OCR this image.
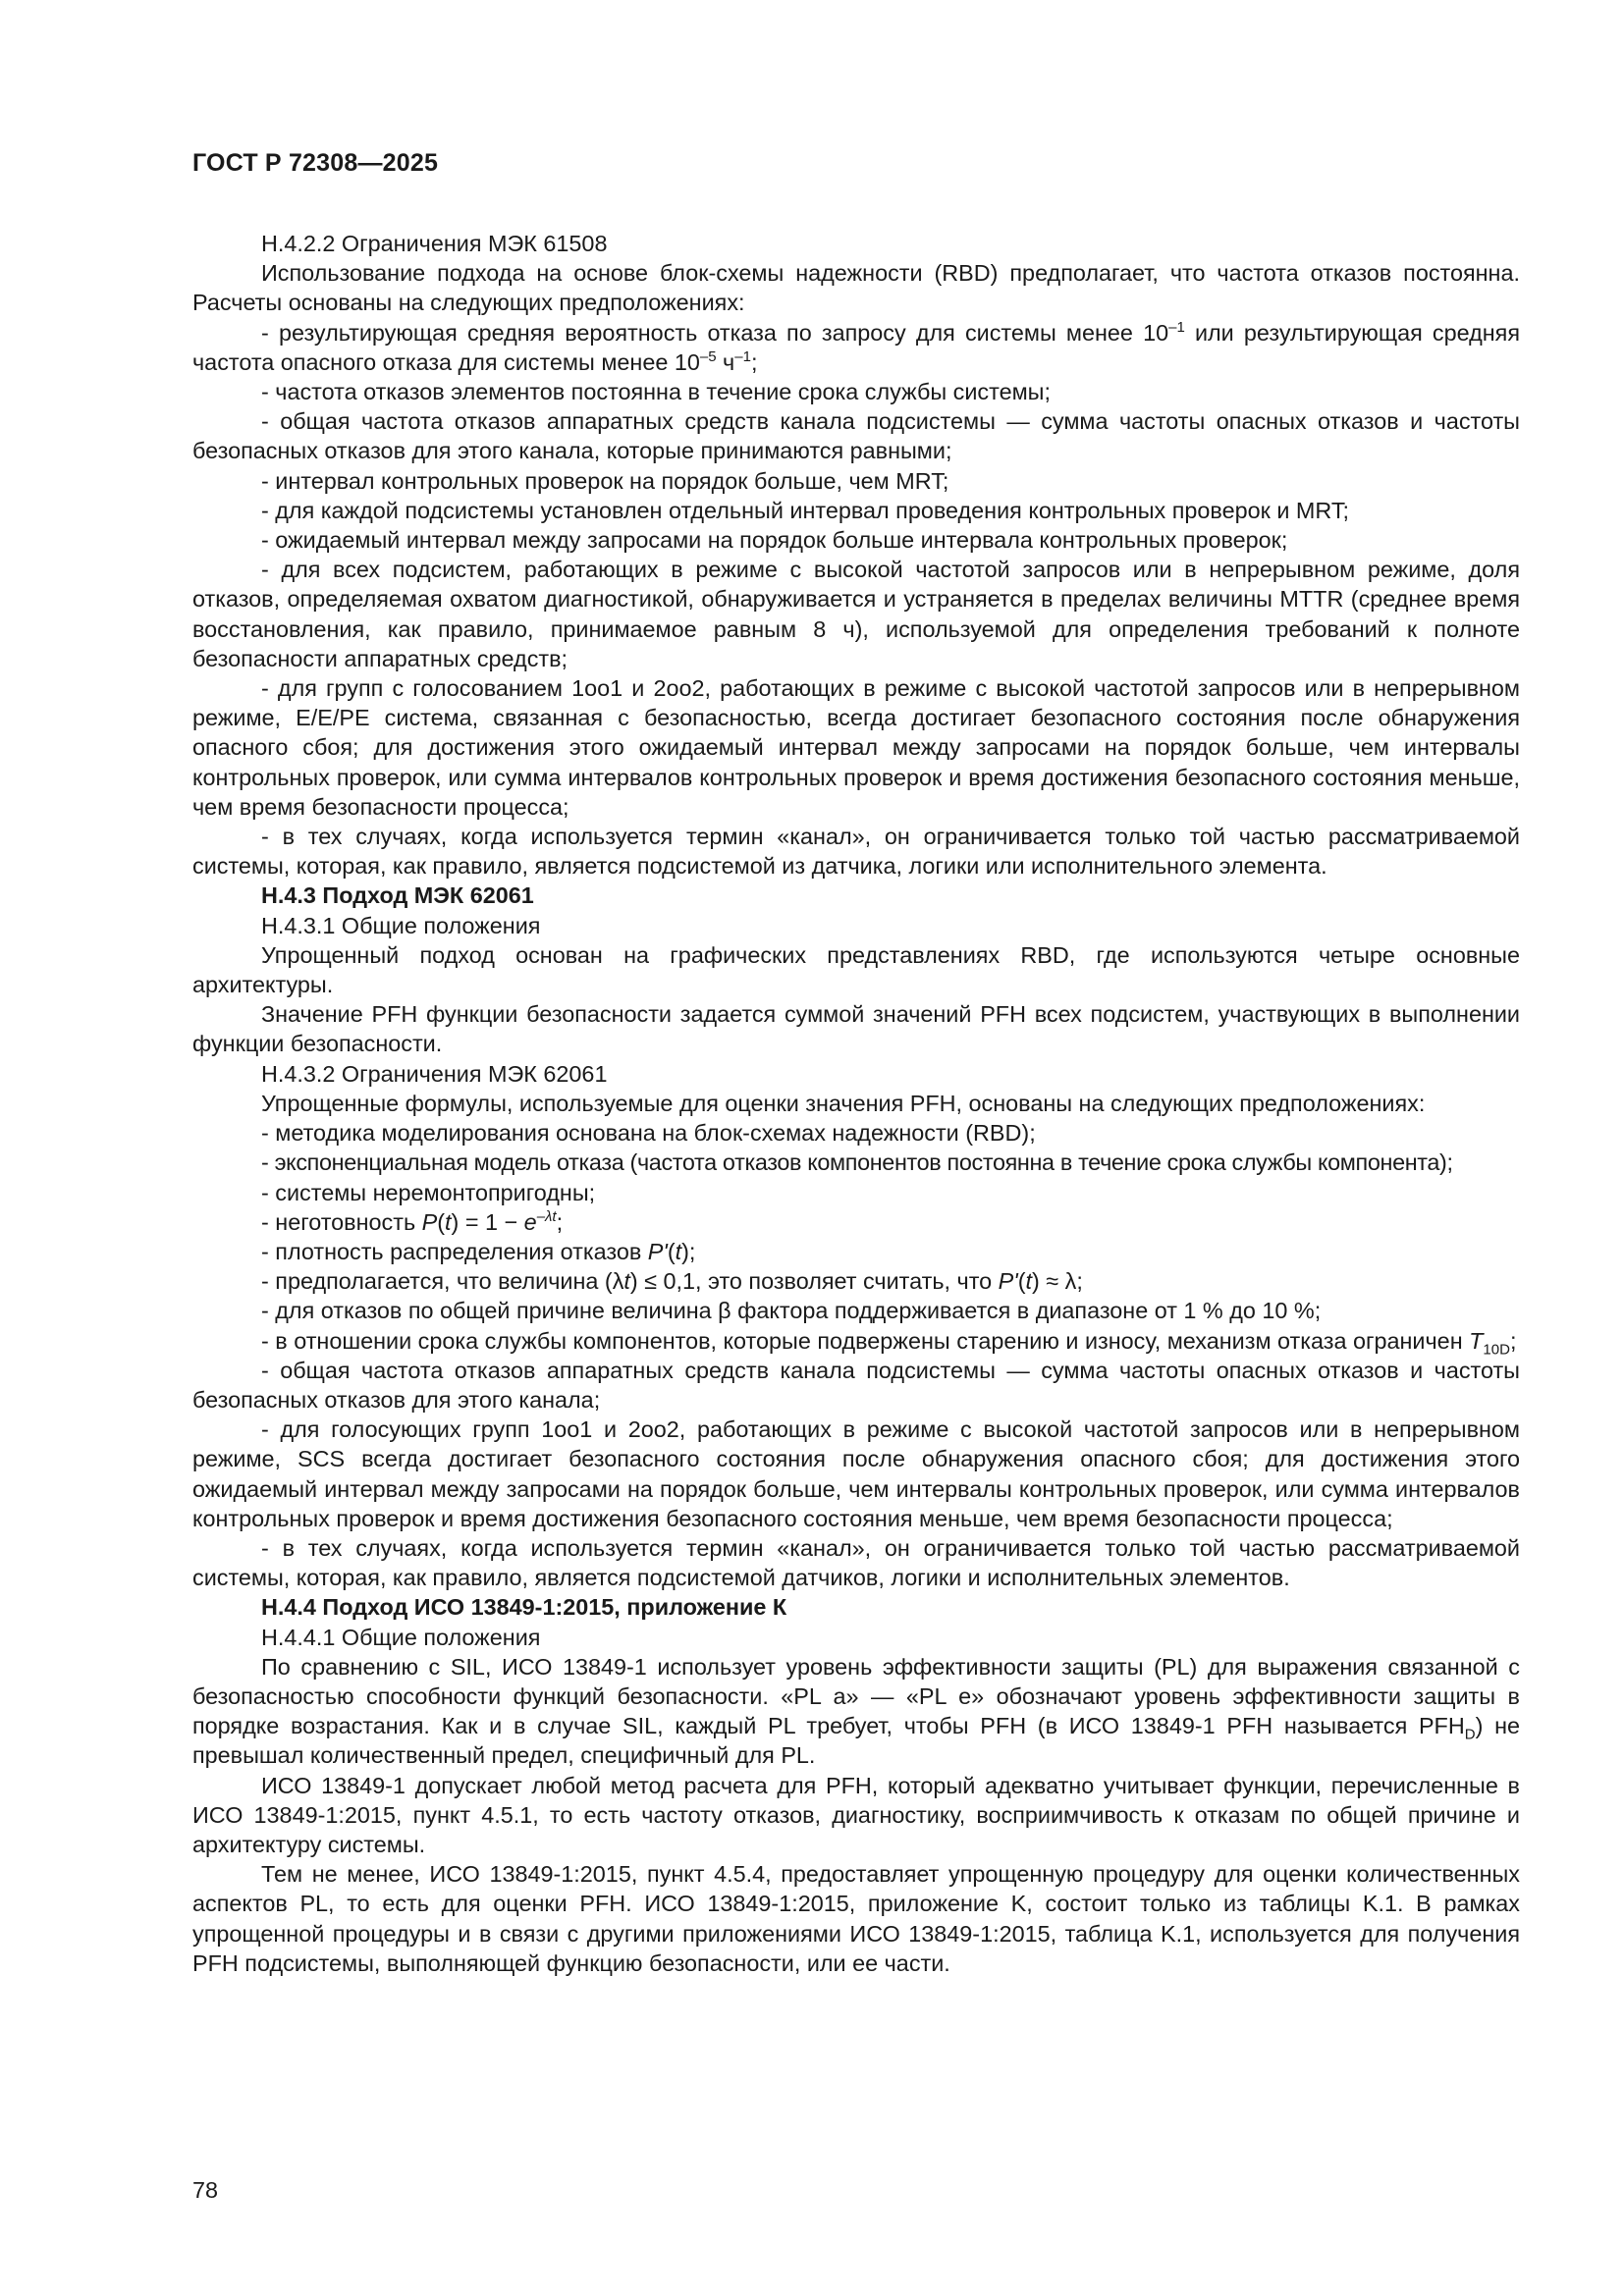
ГОСТ Р 72308—2025

Н.4.2.2 Ограничения МЭК 61508

Использование подхода на основе блок-схемы надежности (RBD) предполагает, что частота отказов постоянна. Расчеты основаны на следующих предположениях:

- результирующая средняя вероятность отказа по запросу для системы менее $10^{-1}$ или результирующая средняя частота опасного отказа для системы менее $10^{-5}$ $ч^{-1}$;

- частота отказов элементов постоянна в течение срока службы системы;

- общая частота отказов аппаратных средств канала подсистемы — сумма частоты опасных отказов и частоты безопасных отказов для этого канала, которые принимаются равными;

- интервал контрольных проверок на порядок больше, чем MRT;

- для каждой подсистемы установлен отдельный интервал проведения контрольных проверок и MRT;

- ожидаемый интервал между запросами на порядок больше интервала контрольных проверок;

- для всех подсистем, работающих в режиме с высокой частотой запросов или в непрерывном режиме, доля отказов, определяемая охватом диагностикой, обнаруживается и устраняется в пределах величины MTTR (среднее время восстановления, как правило, принимаемое равным 8 ч), используемой для определения требований к полноте безопасности аппаратных средств;

- для групп с голосованием 1оо1 и 2оо2, работающих в режиме с высокой частотой запросов или в непрерывном режиме, E/E/PE система, связанная с безопасностью, всегда достигает безопасного состояния после обнаружения опасного сбоя; для достижения этого ожидаемый интервал между запросами на порядок больше, чем интервалы контрольных проверок, или сумма интервалов контрольных проверок и время достижения безопасного состояния меньше, чем время безопасности процесса;

- в тех случаях, когда используется термин «канал», он ограничивается только той частью рассматриваемой системы, которая, как правило, является подсистемой из датчика, логики или исполнительного элемента.

Н.4.3 Подход МЭК 62061

Н.4.3.1 Общие положения

Упрощенный подход основан на графических представлениях RBD, где используются четыре основные архитектуры.

Значение PFH функции безопасности задается суммой значений PFH всех подсистем, участвующих в выполнении функции безопасности.

Н.4.3.2 Ограничения МЭК 62061

Упрощенные формулы, используемые для оценки значения PFH, основаны на следующих предположениях:

- методика моделирования основана на блок-схемах надежности (RBD);

- экспоненциальная модель отказа (частота отказов компонентов постоянна в течение срока службы компонента);

- системы неремонтопригодны;

- неготовность $P(t) = 1 - e^{-\lambda t}$;

- плотность распределения отказов P'(t);

- предполагается, что величина (λt) ≤ 0,1, это позволяет считать, что P'(t) ≈ λ;

- для отказов по общей причине величина β фактора поддерживается в диапазоне от 1 % до 10 %;

- в отношении срока службы компонентов, которые подвержены старению и износу, механизм отказа ограничен $T_{10D}$;

- общая частота отказов аппаратных средств канала подсистемы — сумма частоты опасных отказов и частоты безопасных отказов для этого канала;

- для голосующих групп 1оо1 и 2оо2, работающих в режиме с высокой частотой запросов или в непрерывном режиме, SCS всегда достигает безопасного состояния после обнаружения опасного сбоя; для достижения этого ожидаемый интервал между запросами на порядок больше, чем интервалы контрольных проверок, или сумма интервалов контрольных проверок и время достижения безопасного состояния меньше, чем время безопасности процесса;

- в тех случаях, когда используется термин «канал», он ограничивается только той частью рассматриваемой системы, которая, как правило, является подсистемой датчиков, логики и исполнительных элементов.

Н.4.4 Подход ИСО 13849-1:2015, приложение К

Н.4.4.1 Общие положения

По сравнению с SIL, ИСО 13849-1 использует уровень эффективности защиты (PL) для выражения связанной с безопасностью способности функций безопасности. «PL a» — «PL e» обозначают уровень эффективности защиты в порядке возрастания. Как и в случае SIL, каждый PL требует, чтобы PFH (в ИСО 13849-1 PFH называется $PFH_D$) не превышал количественный предел, специфичный для PL.

ИСО 13849-1 допускает любой метод расчета для PFH, который адекватно учитывает функции, перечисленные в ИСО 13849-1:2015, пункт 4.5.1, то есть частоту отказов, диагностику, восприимчивость к отказам по общей причине и архитектуру системы.

Тем не менее, ИСО 13849-1:2015, пункт 4.5.4, предоставляет упрощенную процедуру для оценки количественных аспектов PL, то есть для оценки PFH. ИСО 13849-1:2015, приложение K, состоит только из таблицы K.1. В рамках упрощенной процедуры и в связи с другими приложениями ИСО 13849-1:2015, таблица K.1, используется для получения PFH подсистемы, выполняющей функцию безопасности, или ее части.

78
